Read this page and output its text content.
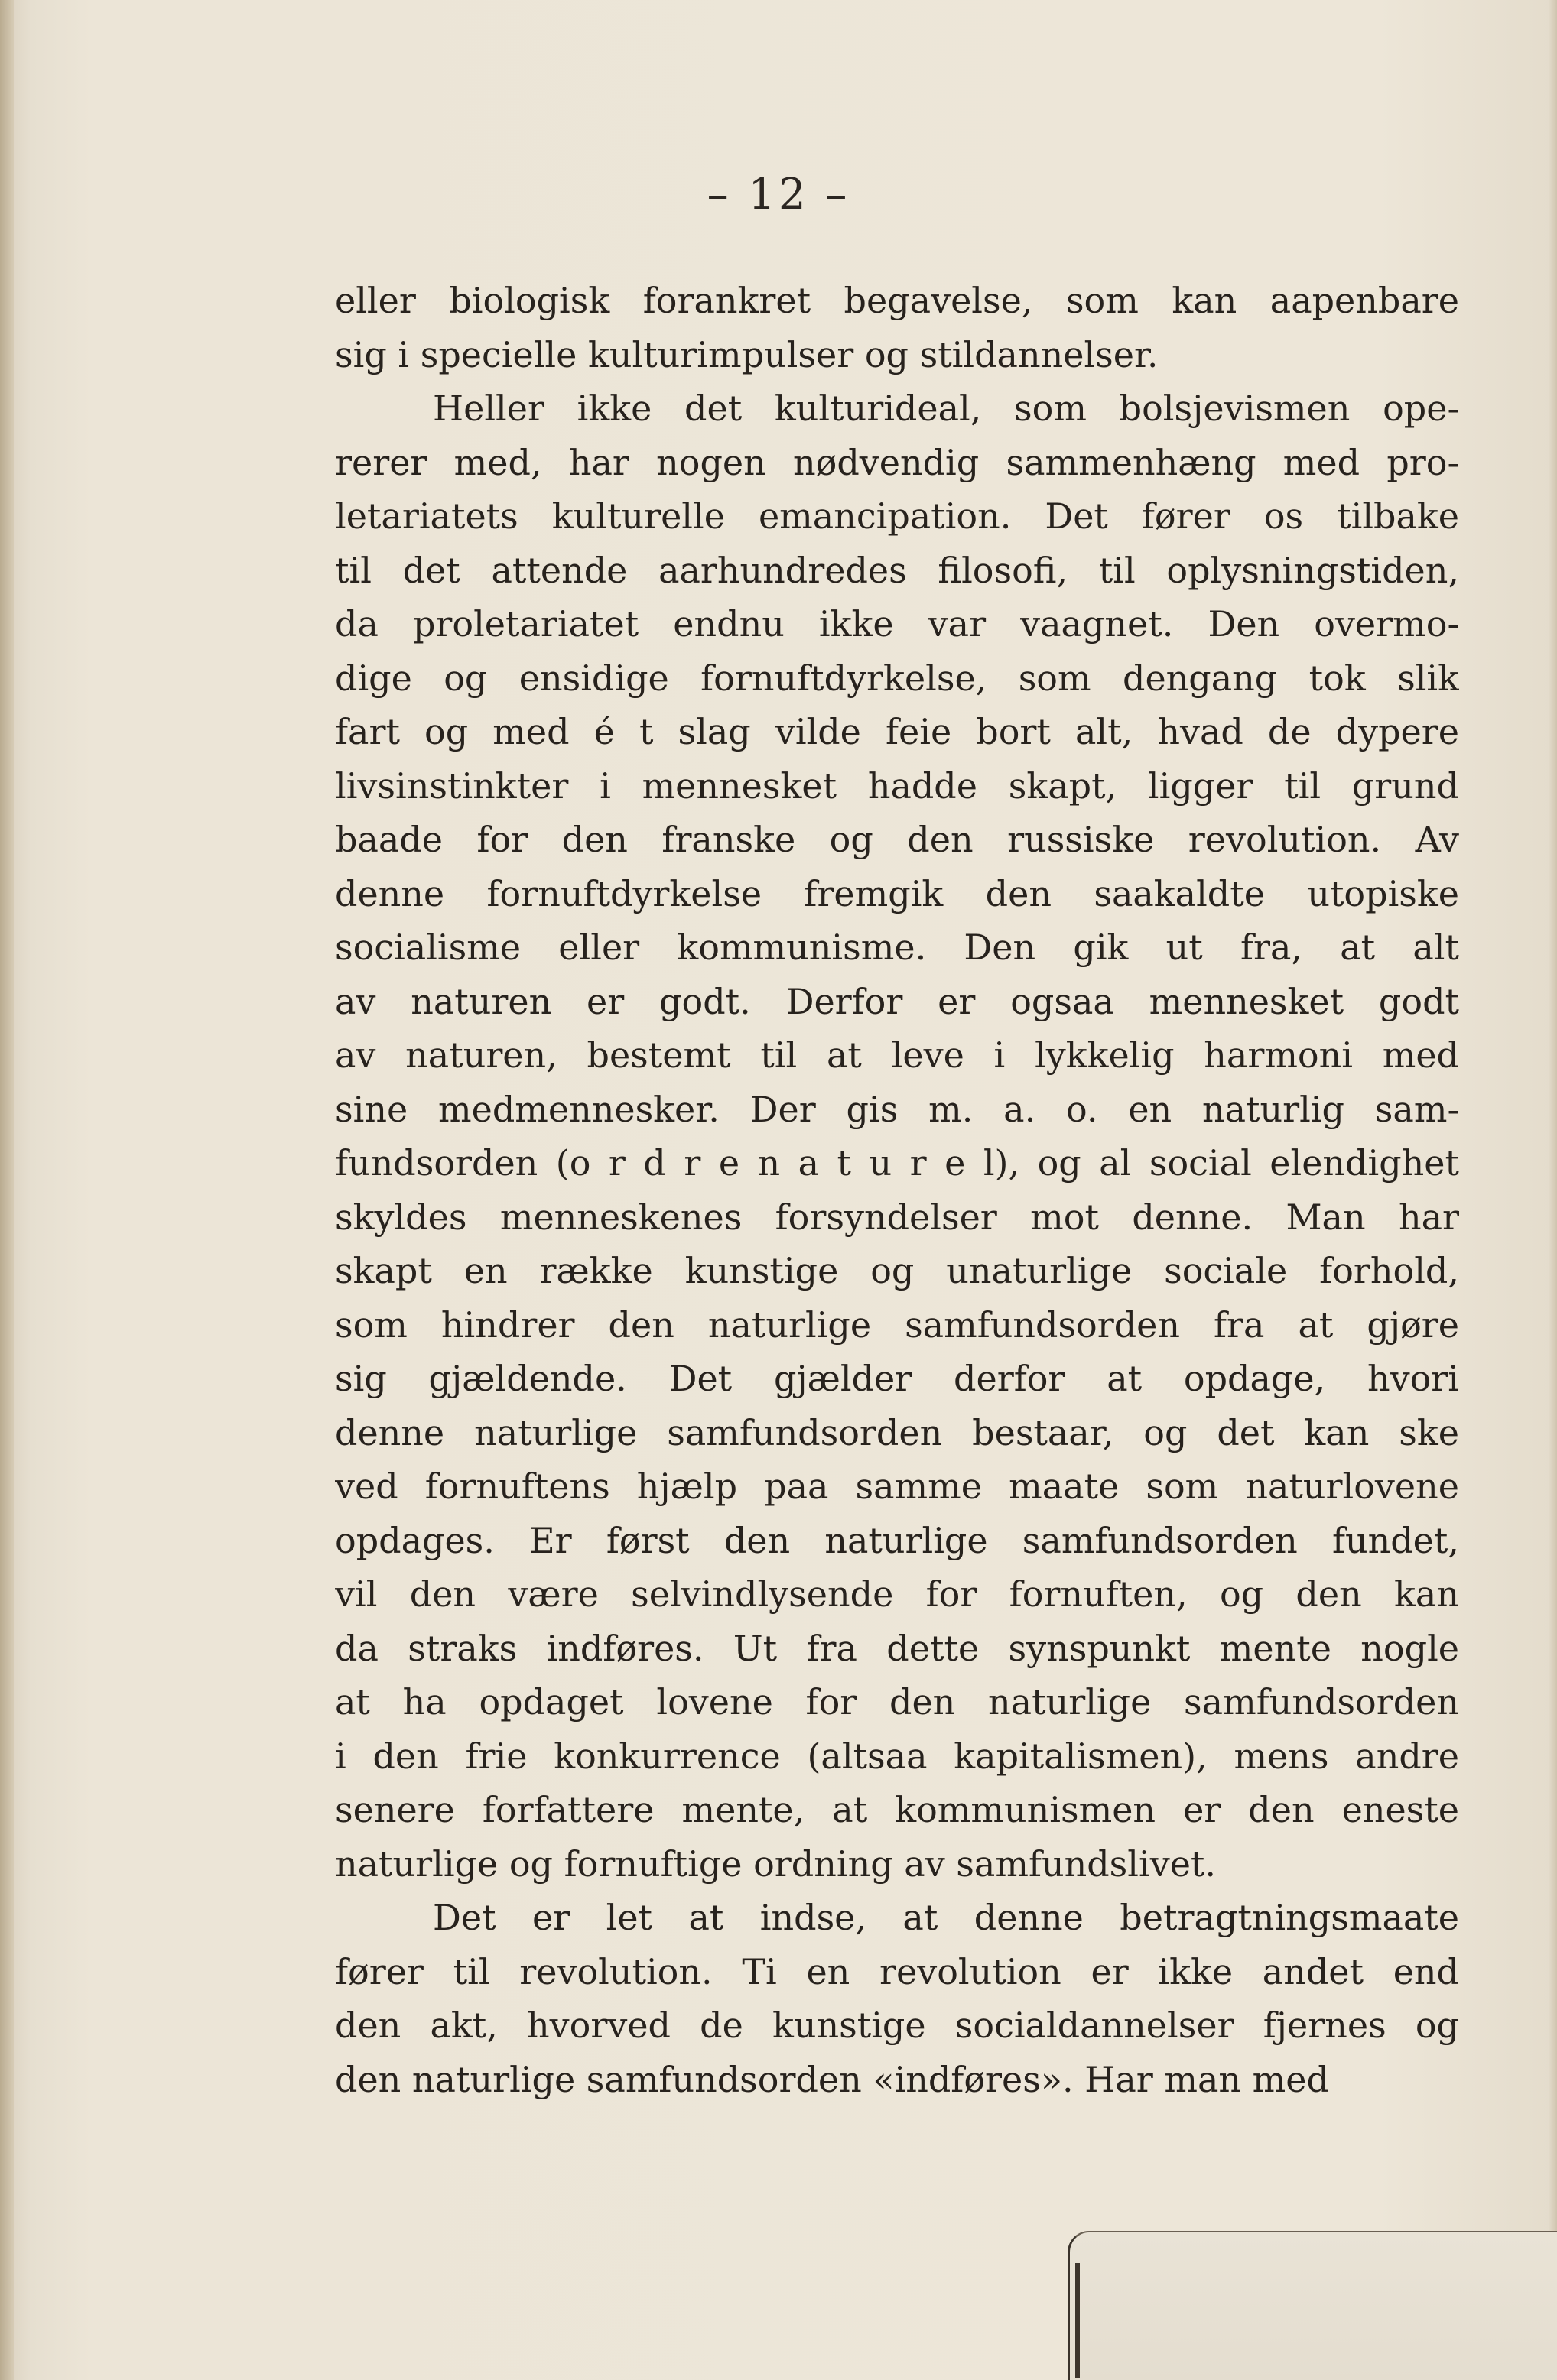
– 12 –
eller biologisk forankret begavelse, som kan aapenbare
sig i specielle kulturimpulser og stildannelser.
Heller ikke det kulturideal, som bolsjevismen ope-
rerer med, har nogen nødvendig sammenhæng med pro-
letariatets kulturelle emancipation. Det fører os tilbake
til det attende aarhundredes filosofi, til oplysningstiden,
da proletariatet endnu ikke var vaagnet. Den overmo-
dige og ensidige fornuftdyrkelse, som dengang tok slik
fart og med é t slag vilde feie bort alt, hvad de dypere
livsinstinkter i mennesket hadde skapt, ligger til grund
baade for den franske og den russiske revolution. Av
denne fornuftdyrkelse fremgik den saakaldte utopiske
socialisme eller kommunisme. Den gik ut fra, at alt
av naturen er godt. Derfor er ogsaa mennesket godt
av naturen, bestemt til at leve i lykkelig harmoni med
sine medmennesker. Der gis m. a. o. en naturlig sam-
fundsorden (o r d r e n a t u r e l), og al social elendighet
skyldes menneskenes forsyndelser mot denne. Man har
skapt en række kunstige og unaturlige sociale forhold,
som hindrer den naturlige samfundsorden fra at gjøre
sig gjældende. Det gjælder derfor at opdage, hvori
denne naturlige samfundsorden bestaar, og det kan ske
ved fornuftens hjælp paa samme maate som naturlovene
opdages. Er først den naturlige samfundsorden fundet,
vil den være selvindlysende for fornuften, og den kan
da straks indføres. Ut fra dette synspunkt mente nogle
at ha opdaget lovene for den naturlige samfundsorden
i den frie konkurrence (altsaa kapitalismen), mens andre
senere forfattere mente, at kommunismen er den eneste
naturlige og fornuftige ordning av samfundslivet.
Det er let at indse, at denne betragtningsmaate
fører til revolution. Ti en revolution er ikke andet end
den akt, hvorved de kunstige socialdannelser fjernes og
den naturlige samfundsorden «indføres». Har man med
